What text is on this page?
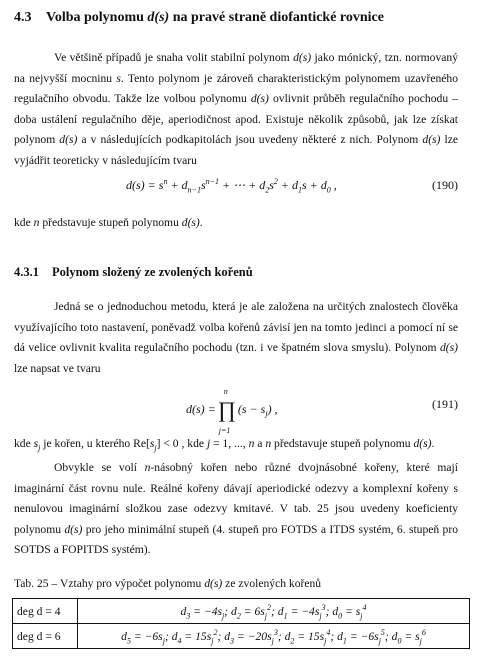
4.3 Volba polynomu d(s) na pravé straně diofantické rovnice

Ve většině případů je snaha volit stabilní polynom d(s) jako mónický, tzn. normovaný na nejvyšší mocninu s. Tento polynom je zároveň charakteristickým polynomem uzavřeného regulačního obvodu. Takže lze volbou polynomu d(s) ovlivnit průběh regulačního pochodu – doba ustálení regulačního děje, aperiodičnost apod. Existuje několik způsobů, jak lze získat polynom d(s) a v následujících podkapitolách jsou uvedeny některé z nich. Polynom d(s) lze vyjádřit teoreticky v následujícím tvaru

$d(s) = s^n + d_{n-1}s^{n-1}$ + ⋯ + $d_2s^2 + d_1s + d_0$ ,	(190)

kde n představuje stupeň polynomu d(s).

4.3.1 Polynom složený ze zvolených kořenů

Jedná se o jednoduchou metodu, která je ale založena na určitých znalostech člověka využívajícího toto nastavení, poněvadž volba kořenů závisí jen na tomto jedinci a pomocí ní se dá velice ovlivnit kvalita regulačního pochodu (tzn. i ve špatném slova smyslu). Polynom d(s) lze napsat ve tvaru

d(s) =
n
∏
j=1
$(s - s_j)$ ,	(191)

kde $s_j$ je kořen, u kterého $Re[s_j] < 0$ , kde j = 1, ..., n a n představuje stupeň polynomu d(s).

Obvykle se volí n-násobný kořen nebo různé dvojnásobné kořeny, které mají imaginární část rovnu nule. Reálné kořeny dávají aperiodické odezvy a komplexní kořeny s nenulovou imaginární složkou zase odezvy kmitavé. V tab. 25 jsou uvedeny koeficienty polynomu d(s) pro jeho minimální stupeň (4. stupeň pro FOTDS a ITDS systém, 6. stupeň pro SOTDS a FOPITDS systém).

Tab. 25 – Vztahy pro výpočet polynomu d(s) ze zvolených kořenů
deg d = 4	$d_3 = -4s_j$; $d_2 = 6s_j^2$; $d_1 = -4s_j^3$; $d_0 = s_j^4$
deg d = 6	$d_5 = -6s_j$; $d_4 = 15s_j^2$; $d_3 = -20s_j^3$; $d_2 = 15s_j^4$; $d_1 = -6s_j^5$; $d_0 = s_j^6$
